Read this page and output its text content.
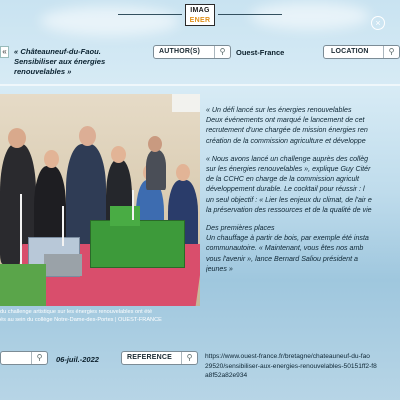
IMAG
ENER	×
« « Châteauneuf-du-Faou.
Sensibiliser aux énergies
renouvelables »
AUTHOR(S)	⚲	Ouest-France	LOCATION	⚲
du challenge artistique sur les énergies renouvelables ont été
és au sein du collège Notre-Dame-des-Portes | OUEST-FRANCE

« Un défi lancé sur les énergies renouvelables
Deux événements ont marqué le lancement de cet
recrutement d'une chargée de mission énergies ren
création de la commission agriculture et développe

« Nous avons lancé un challenge auprès des collèg
sur les énergies renouvelables », explique Guy Citér
de la CCHC en charge de la commission agricult
développement durable. Le cocktail pour réussir : l
un seul objectif : « Lier les enjeux du climat, de l'air e
la préservation des ressources et de la qualité de vie

Des premières places
Un chauffage à partir de bois, par exemple été insta
communautoire. « Maintenant, vous êtes nos amb
vous l'avenir », lance Bernard Saliou président a
jeunes »

⚲	06-juil.-2022	REFERENCE	⚲	https://www.ouest-france.fr/bretagne/chateauneuf-du-fao
29520/sensibiliser-aux-energies-renouvelables-50151ff2-f8
a8f52a82e934
